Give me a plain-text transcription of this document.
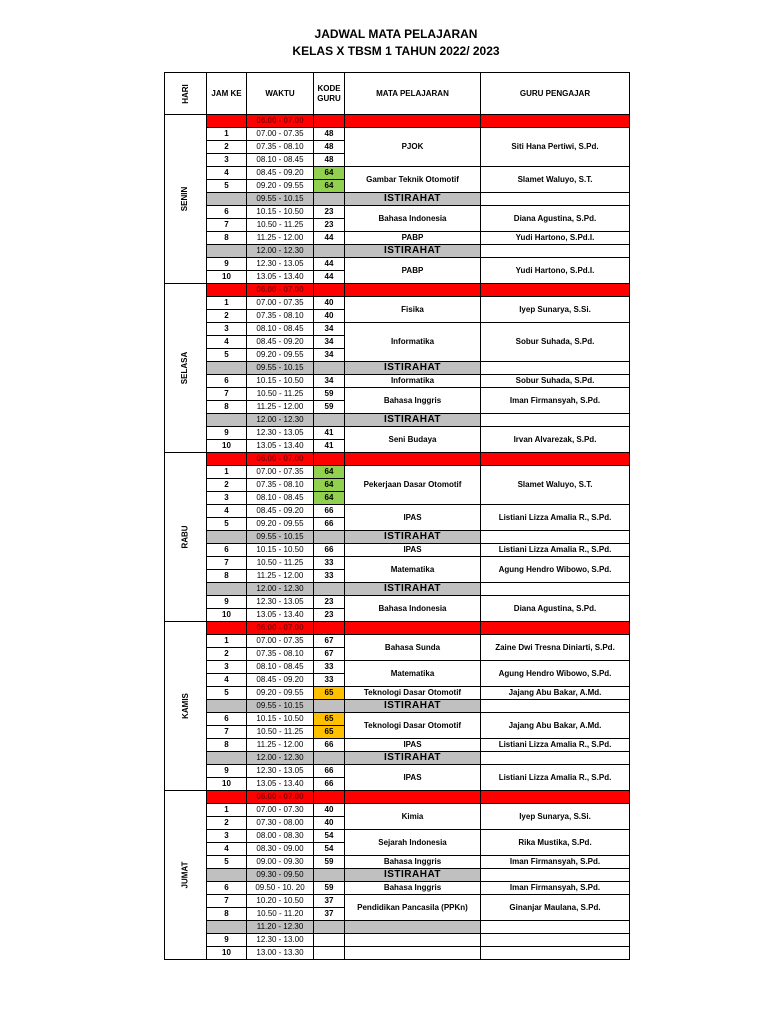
JADWAL MATA PELAJARAN
KELAS X TBSM 1 TAHUN 2022/ 2023
HARI	JAM KE	WAKTU	KODE GURU	MATA PELAJARAN	GURU PENGAJAR
SENIN		06.00 - 07.00			
	1	07.00 - 07.35	48	PJOK	Siti Hana Pertiwi, S.Pd.
	2	07.35 - 08.10	48		
	3	08.10 - 08.45	48		
	4	08.45 - 09.20	64	Gambar Teknik Otomotif	Slamet Waluyo, S.T.
	5	09.20 - 09.55	64		
		09.55 - 10.15		ISTIRAHAT	
	6	10.15 - 10.50	23	Bahasa Indonesia	Diana Agustina, S.Pd.
	7	10.50 - 11.25	23		
	8	11.25 - 12.00	44	PABP	Yudi Hartono, S.Pd.I.
		12.00 - 12.30		ISTIRAHAT	
	9	12.30 - 13.05	44	PABP	Yudi Hartono, S.Pd.I.
	10	13.05 - 13.40	44		
SELASA		06.00 - 07.00			
	1	07.00 - 07.35	40	Fisika	Iyep Sunarya, S.Si.
	2	07.35 - 08.10	40		
	3	08.10 - 08.45	34	Informatika	Sobur Suhada, S.Pd.
	4	08.45 - 09.20	34		
	5	09.20 - 09.55	34		
		09.55 - 10.15		ISTIRAHAT	
	6	10.15 - 10.50	34	Informatika	Sobur Suhada, S.Pd.
	7	10.50 - 11.25	59	Bahasa Inggris	Iman Firmansyah, S.Pd.
	8	11.25 - 12.00	59		
		12.00 - 12.30		ISTIRAHAT	
	9	12.30 - 13.05	41	Seni Budaya	Irvan Alvarezak, S.Pd.
	10	13.05 - 13.40	41		
RABU		06.00 - 07.00			
	1	07.00 - 07.35	64	Pekerjaan Dasar Otomotif	Slamet Waluyo, S.T.
	2	07.35 - 08.10	64		
	3	08.10 - 08.45	64		
	4	08.45 - 09.20	66	IPAS	Listiani Lizza Amalia R., S.Pd.
	5	09.20 - 09.55	66		
		09.55 - 10.15		ISTIRAHAT	
	6	10.15 - 10.50	66	IPAS	Listiani Lizza Amalia R., S.Pd.
	7	10.50 - 11.25	33	Matematika	Agung Hendro Wibowo, S.Pd.
	8	11.25 - 12.00	33		
		12.00 - 12.30		ISTIRAHAT	
	9	12.30 - 13.05	23	Bahasa Indonesia	Diana Agustina, S.Pd.
	10	13.05 - 13.40	23		
KAMIS		06.00 - 07.00			
	1	07.00 - 07.35	67	Bahasa Sunda	Zaine Dwi Tresna Diniarti, S.Pd.
	2	07.35 - 08.10	67		
	3	08.10 - 08.45	33	Matematika	Agung Hendro Wibowo, S.Pd.
	4	08.45 - 09.20	33		
	5	09.20 - 09.55	65	Teknologi Dasar Otomotif	Jajang Abu Bakar, A.Md.
		09.55 - 10.15		ISTIRAHAT	
	6	10.15 - 10.50	65	Teknologi Dasar Otomotif	Jajang Abu Bakar, A.Md.
	7	10.50 - 11.25	65		
	8	11.25 - 12.00	66	IPAS	Listiani Lizza Amalia R., S.Pd.
		12.00 - 12.30		ISTIRAHAT	
	9	12.30 - 13.05	66	IPAS	Listiani Lizza Amalia R., S.Pd.
	10	13.05 - 13.40	66		
JUMAT		06.00 - 07.00			
	1	07.00 - 07.30	40	Kimia	Iyep Sunarya, S.Si.
	2	07.30 - 08.00	40		
	3	08.00 - 08.30	54	Sejarah Indonesia	Rika Mustika, S.Pd.
	4	08.30 - 09.00	54		
	5	09.00 - 09.30	59	Bahasa Inggris	Iman Firmansyah, S.Pd.
		09.30 - 09.50		ISTIRAHAT	
	6	09.50 - 10. 20	59	Bahasa Inggris	Iman Firmansyah, S.Pd.
	7	10.20 - 10.50	37	Pendidikan Pancasila (PPKn)	Ginanjar Maulana, S.Pd.
	8	10.50 - 11.20	37		
		11.20 - 12.30			
	9	12.30 - 13.00			
	10	13.00 - 13.30			
